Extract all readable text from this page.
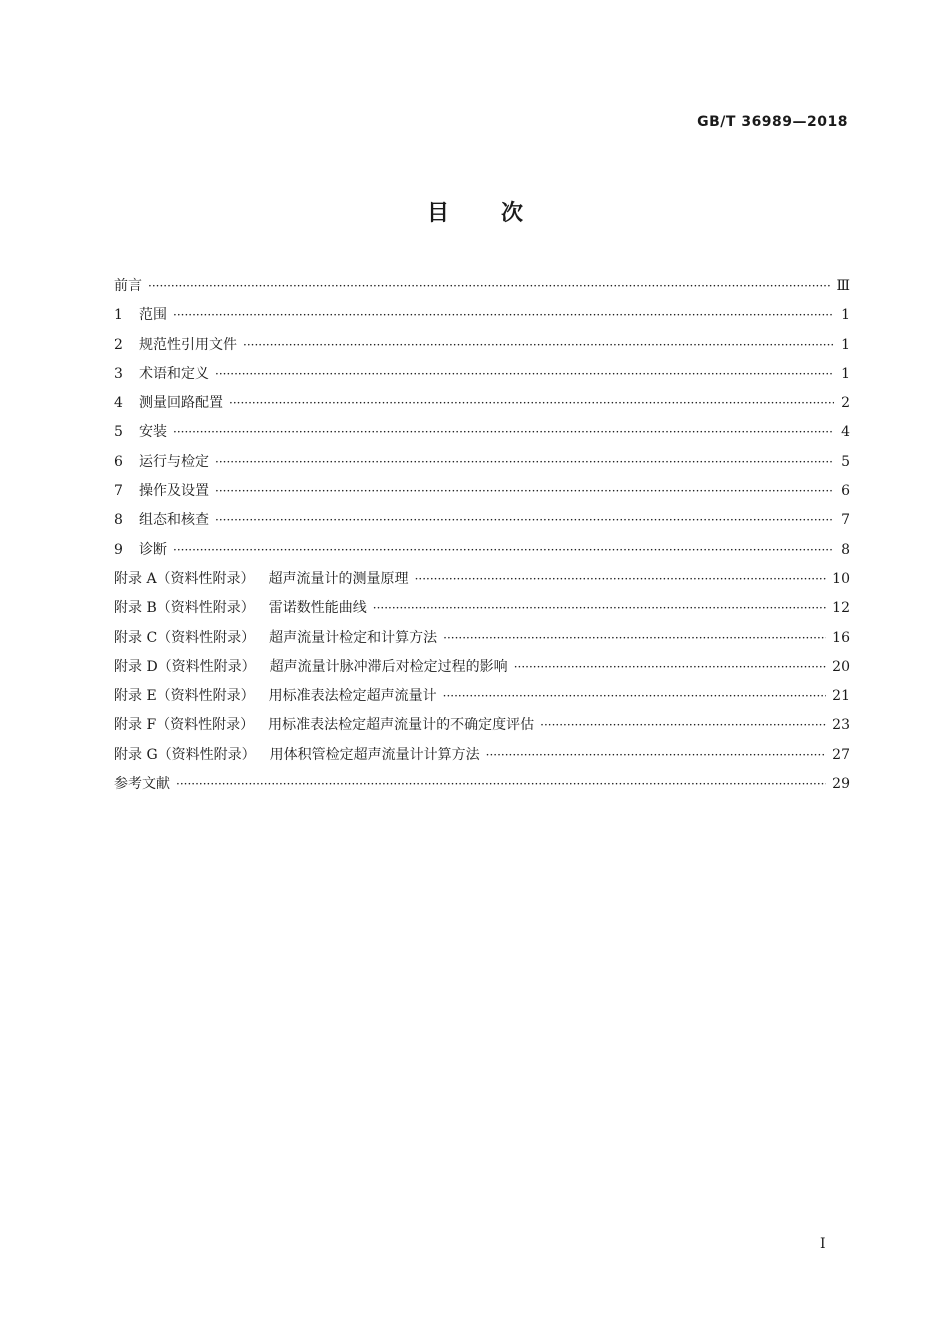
GB/T 36989—2018
目 次
前言 ·····	Ⅲ
1 范围 ·····	1
2 规范性引用文件 ·····	1
3 术语和定义 ·····	1
4 测量回路配置 ·····	2
5 安装 ·····	4
6 运行与检定 ·····	5
7 操作及设置 ·····	6
8 组态和核查 ·····	7
9 诊断 ·····	8
附录 A（资料性附录） 超声流量计的测量原理 ·····	10
附录 B（资料性附录） 雷诺数性能曲线 ·····	12
附录 C（资料性附录） 超声流量计检定和计算方法 ·····	16
附录 D（资料性附录） 超声流量计脉冲滞后对检定过程的影响 ·····	20
附录 E（资料性附录） 用标准表法检定超声流量计 ·····	21
附录 F（资料性附录） 用标准表法检定超声流量计的不确定度评估 ·····	23
附录 G（资料性附录） 用体积管检定超声流量计计算方法 ·····	27
参考文献 ·····	29
I
